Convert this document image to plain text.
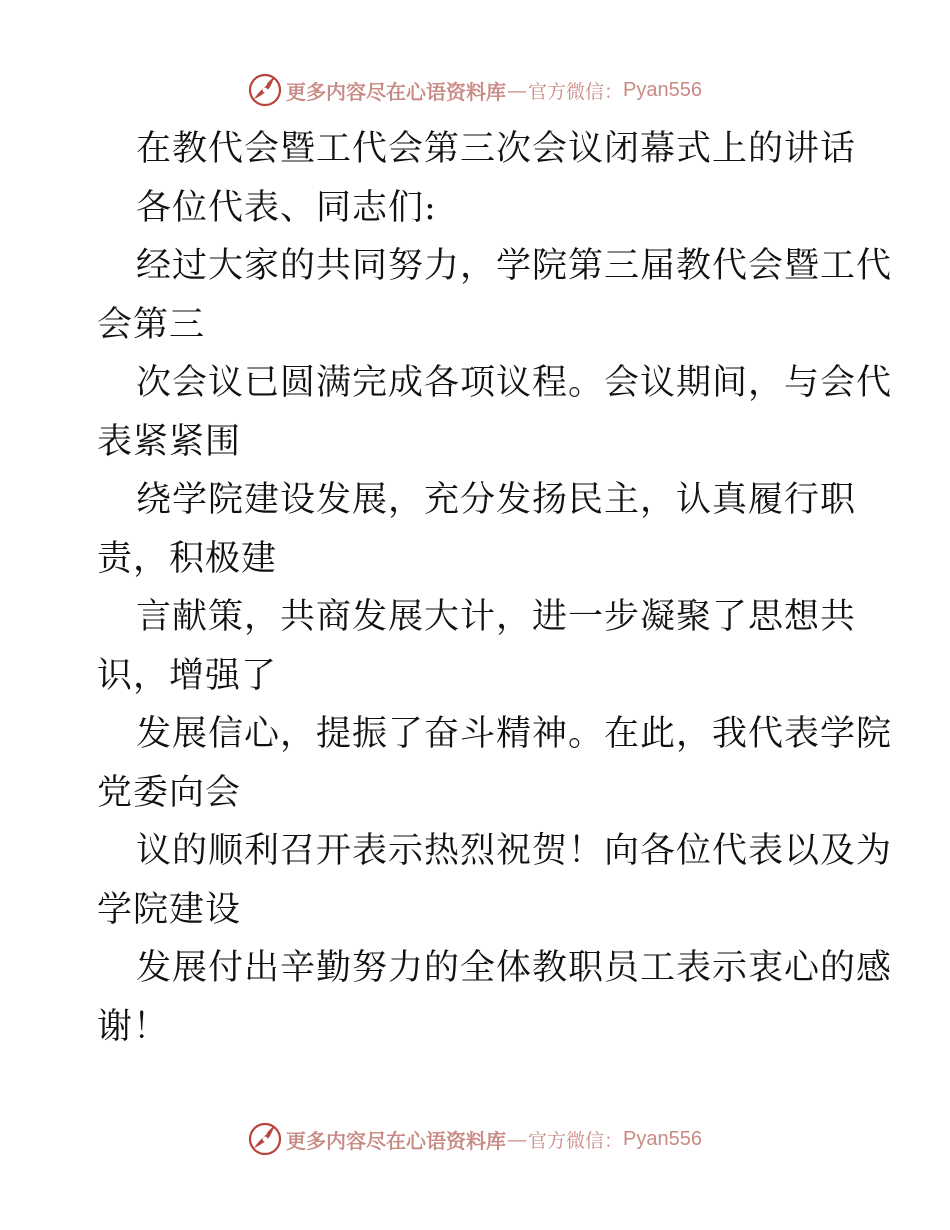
更多内容尽在心语资料库 — 官方微信： Pyan556
在教代会暨工代会第三次会议闭幕式上的讲话
各位代表、同志们:
经过大家的共同努力，学院第三届教代会暨工代
会第三
次会议已圆满完成各项议程。会议期间，与会代
表紧紧围
绕学院建设发展，充分发扬民主，认真履行职
责，积极建
言献策，共商发展大计，进一步凝聚了思想共
识，增强了
发展信心，提振了奋斗精神。在此，我代表学院
党委向会
议的顺利召开表示热烈祝贺！向各位代表以及为
学院建设
发展付出辛勤努力的全体教职员工表示衷心的感
谢！
更多内容尽在心语资料库 — 官方微信： Pyan556
